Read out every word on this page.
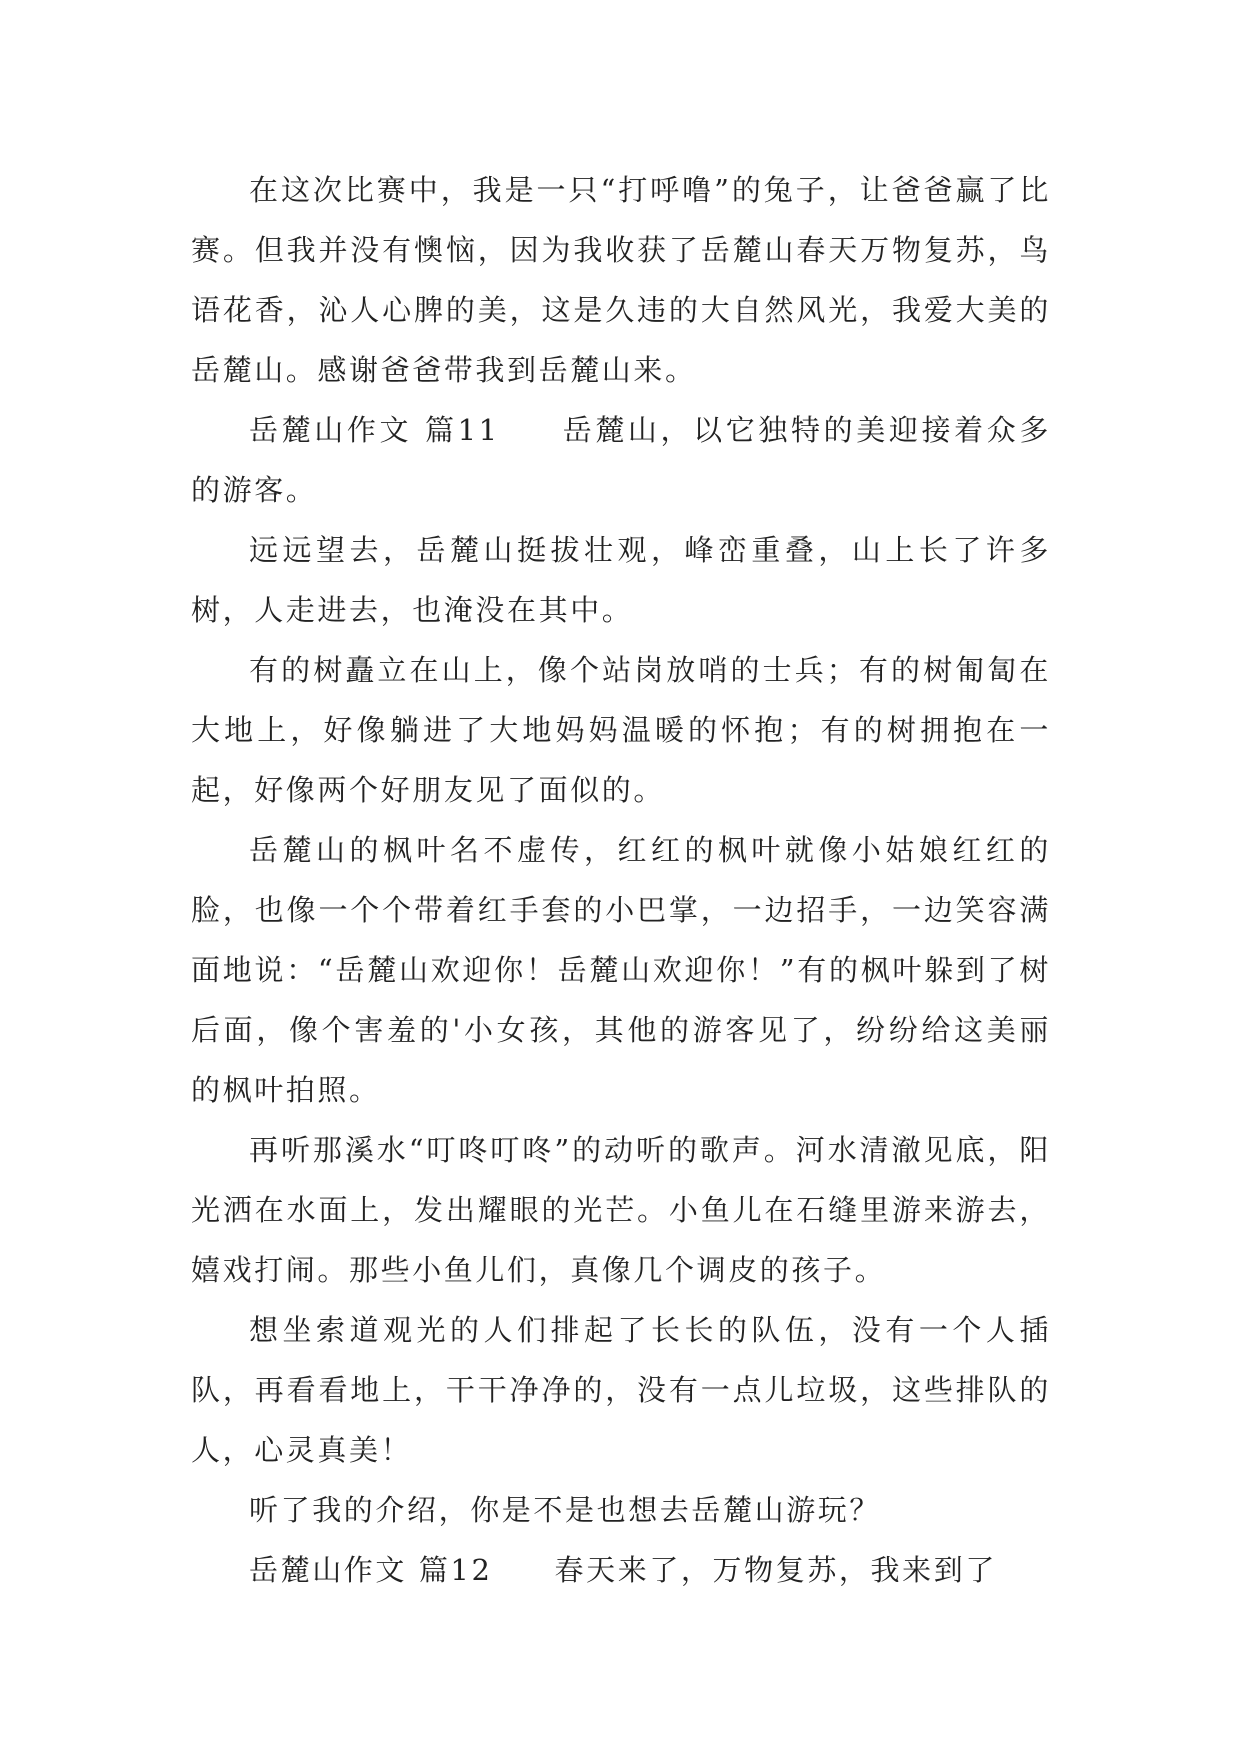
在这次比赛中，我是一只“打呼噜”的兔子，让爸爸赢了比赛。但我并没有懊恼，因为我收获了岳麓山春天万物复苏，鸟语花香，沁人心脾的美，这是久违的大自然风光，我爱大美的岳麓山。感谢爸爸带我到岳麓山来。

岳麓山作文 篇11 岳麓山，以它独特的美迎接着众多的游客。

远远望去，岳麓山挺拔壮观，峰峦重叠，山上长了许多树，人走进去，也淹没在其中。

有的树矗立在山上，像个站岗放哨的士兵；有的树匍匐在大地上，好像躺进了大地妈妈温暖的怀抱；有的树拥抱在一起，好像两个好朋友见了面似的。

岳麓山的枫叶名不虚传，红红的枫叶就像小姑娘红红的脸，也像一个个带着红手套的小巴掌，一边招手，一边笑容满面地说：“岳麓山欢迎你！岳麓山欢迎你！”有的枫叶躲到了树后面，像个害羞的'小女孩，其他的游客见了，纷纷给这美丽的枫叶拍照。

再听那溪水“叮咚叮咚”的动听的歌声。河水清澈见底，阳光洒在水面上，发出耀眼的光芒。小鱼儿在石缝里游来游去，嬉戏打闹。那些小鱼儿们，真像几个调皮的孩子。

想坐索道观光的人们排起了长长的队伍，没有一个人插队，再看看地上，干干净净的，没有一点儿垃圾，这些排队的人，心灵真美！

听了我的介绍，你是不是也想去岳麓山游玩？

岳麓山作文 篇12 春天来了，万物复苏，我来到了
